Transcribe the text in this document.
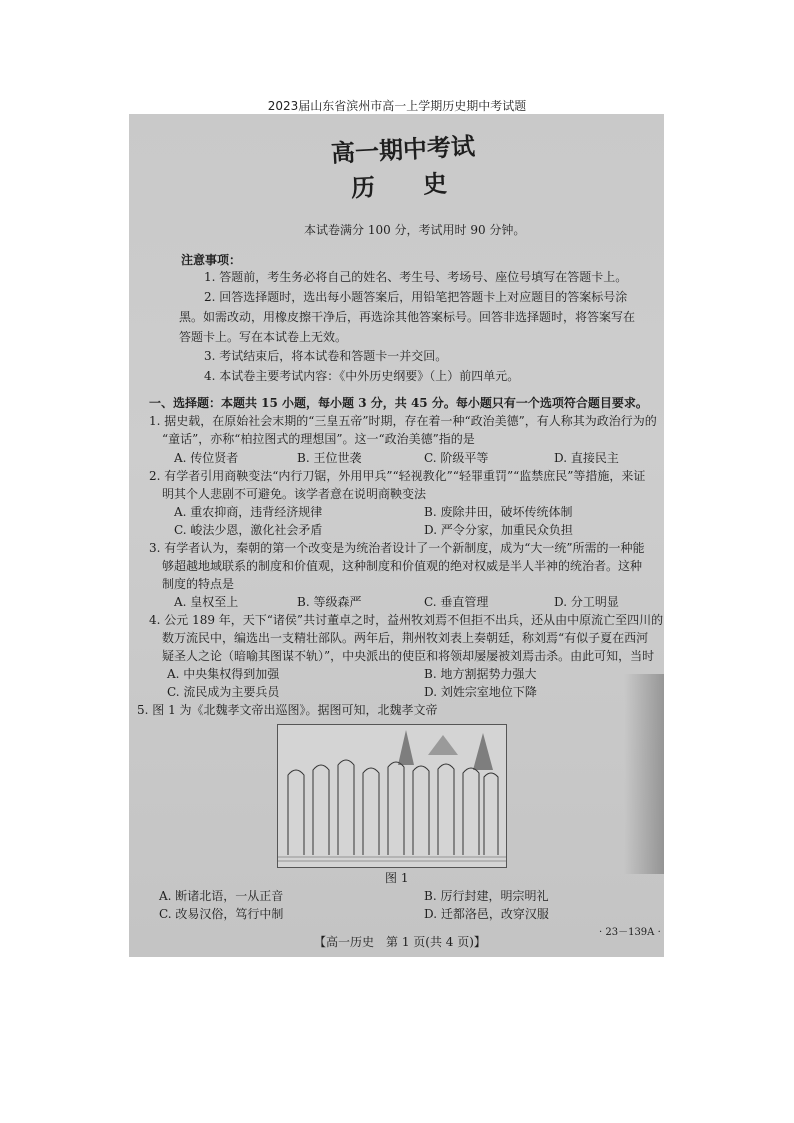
2023届山东省滨州市高一上学期历史期中考试题
高一期中考试
历　　史
本试卷满分 100 分，考试用时 90 分钟。
注意事项：
1. 答题前，考生务必将自己的姓名、考生号、考场号、座位号填写在答题卡上。
2. 回答选择题时，选出每小题答案后，用铅笔把答题卡上对应题目的答案标号涂
黑。如需改动，用橡皮擦干净后，再选涂其他答案标号。回答非选择题时，将答案写在
答题卡上。写在本试卷上无效。
3. 考试结束后，将本试卷和答题卡一并交回。
4. 本试卷主要考试内容：《中外历史纲要》（上）前四单元。
一、选择题：本题共 15 小题，每小题 3 分，共 45 分。每小题只有一个选项符合题目要求。
1. 据史载，在原始社会末期的“三皇五帝”时期，存在着一种“政治美德”，有人称其为政治行为的
“童话”，亦称“柏拉图式的理想国”。这一“政治美德”指的是
A. 传位贤者	B. 王位世袭	C. 阶级平等	D. 直接民主
2. 有学者引用商鞅变法“内行刀锯，外用甲兵”“轻视教化”“轻罪重罚”“监禁庶民”等措施，来证
明其个人悲剧不可避免。该学者意在说明商鞅变法
A. 重农抑商，违背经济规律	B. 废除井田，破坏传统体制
C. 峻法少恩，激化社会矛盾	D. 严令分家，加重民众负担
3. 有学者认为，秦朝的第一个改变是为统治者设计了一个新制度，成为“大一统”所需的一种能
够超越地域联系的制度和价值观，这种制度和价值观的绝对权威是半人半神的统治者。这种
制度的特点是
A. 皇权至上	B. 等级森严	C. 垂直管理	D. 分工明显
4. 公元 189 年，天下“诸侯”共讨董卓之时，益州牧刘焉不但拒不出兵，还从由中原流亡至四川的
数万流民中，编选出一支精壮部队。两年后，荆州牧刘表上奏朝廷，称刘焉“有似子夏在西河
疑圣人之论（暗喻其图谋不轨）”，中央派出的使臣和将领却屡屡被刘焉击杀。由此可知，当时
A. 中央集权得到加强	B. 地方割据势力强大
C. 流民成为主要兵员	D. 刘姓宗室地位下降
5. 图 1 为《北魏孝文帝出巡图》。据图可知，北魏孝文帝
图 1
A. 断诸北语，一从正音	B. 厉行封建，明宗明礼
C. 改易汉俗，笃行中制	D. 迁都洛邑，改穿汉服
【高一历史　第 1 页(共 4 页)】
· 23－139A ·
